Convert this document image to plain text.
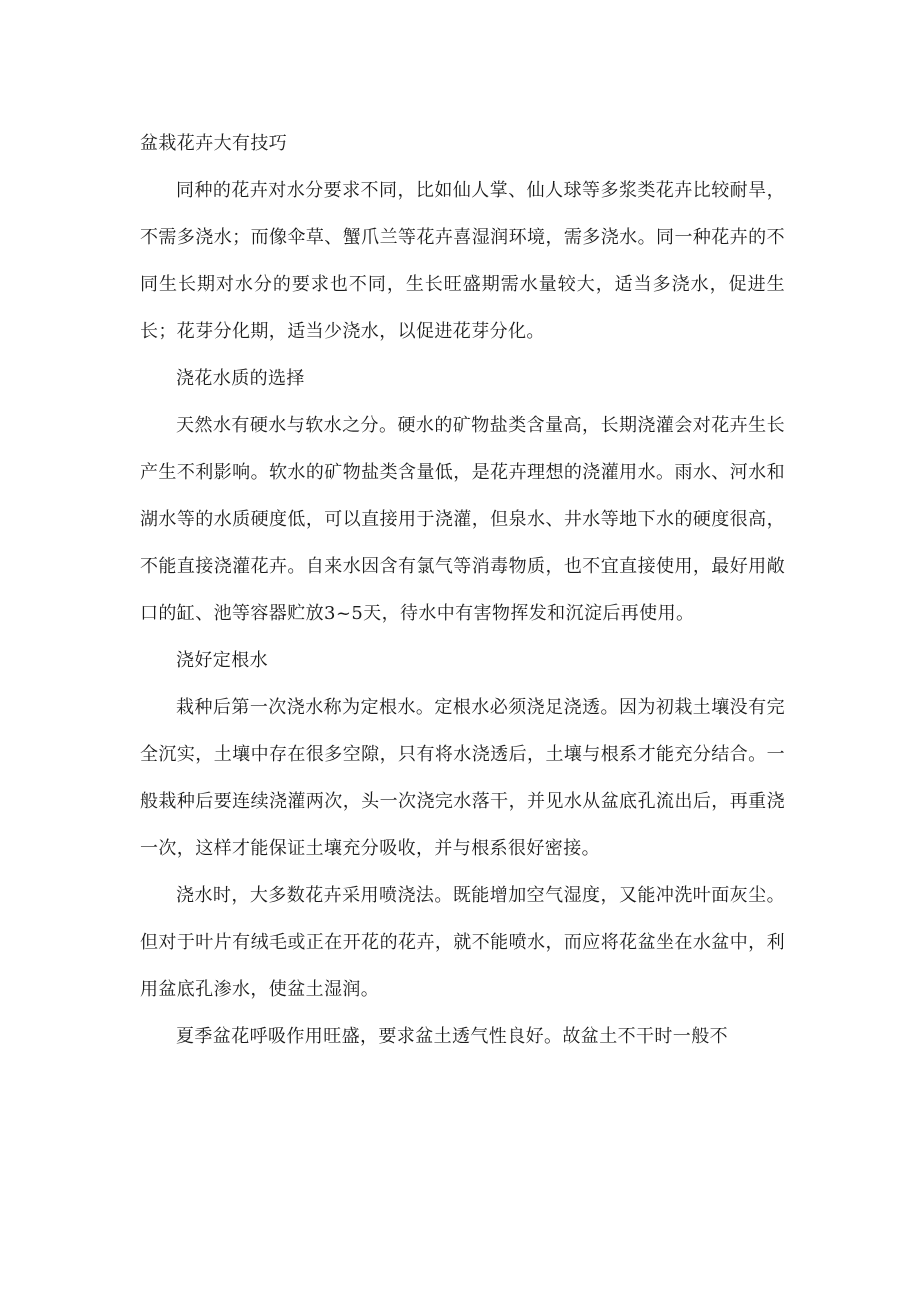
盆栽花卉大有技巧

同种的花卉对水分要求不同，比如仙人掌、仙人球等多浆类花卉比较耐旱，不需多浇水；而像伞草、蟹爪兰等花卉喜湿润环境，需多浇水。同一种花卉的不同生长期对水分的要求也不同，生长旺盛期需水量较大，适当多浇水，促进生长；花芽分化期，适当少浇水，以促进花芽分化。

浇花水质的选择

天然水有硬水与软水之分。硬水的矿物盐类含量高，长期浇灌会对花卉生长产生不利影响。软水的矿物盐类含量低，是花卉理想的浇灌用水。雨水、河水和湖水等的水质硬度低，可以直接用于浇灌，但泉水、井水等地下水的硬度很高，不能直接浇灌花卉。自来水因含有氯气等消毒物质，也不宜直接使用，最好用敞口的缸、池等容器贮放3~5天，待水中有害物挥发和沉淀后再使用。

浇好定根水

栽种后第一次浇水称为定根水。定根水必须浇足浇透。因为初栽土壤没有完全沉实，土壤中存在很多空隙，只有将水浇透后，土壤与根系才能充分结合。一般栽种后要连续浇灌两次，头一次浇完水落干，并见水从盆底孔流出后，再重浇一次，这样才能保证土壤充分吸收，并与根系很好密接。

浇水时，大多数花卉采用喷浇法。既能增加空气湿度，又能冲洗叶面灰尘。但对于叶片有绒毛或正在开花的花卉，就不能喷水，而应将花盆坐在水盆中，利用盆底孔渗水，使盆土湿润。

夏季盆花呼吸作用旺盛，要求盆土透气性良好。故盆土不干时一般不
